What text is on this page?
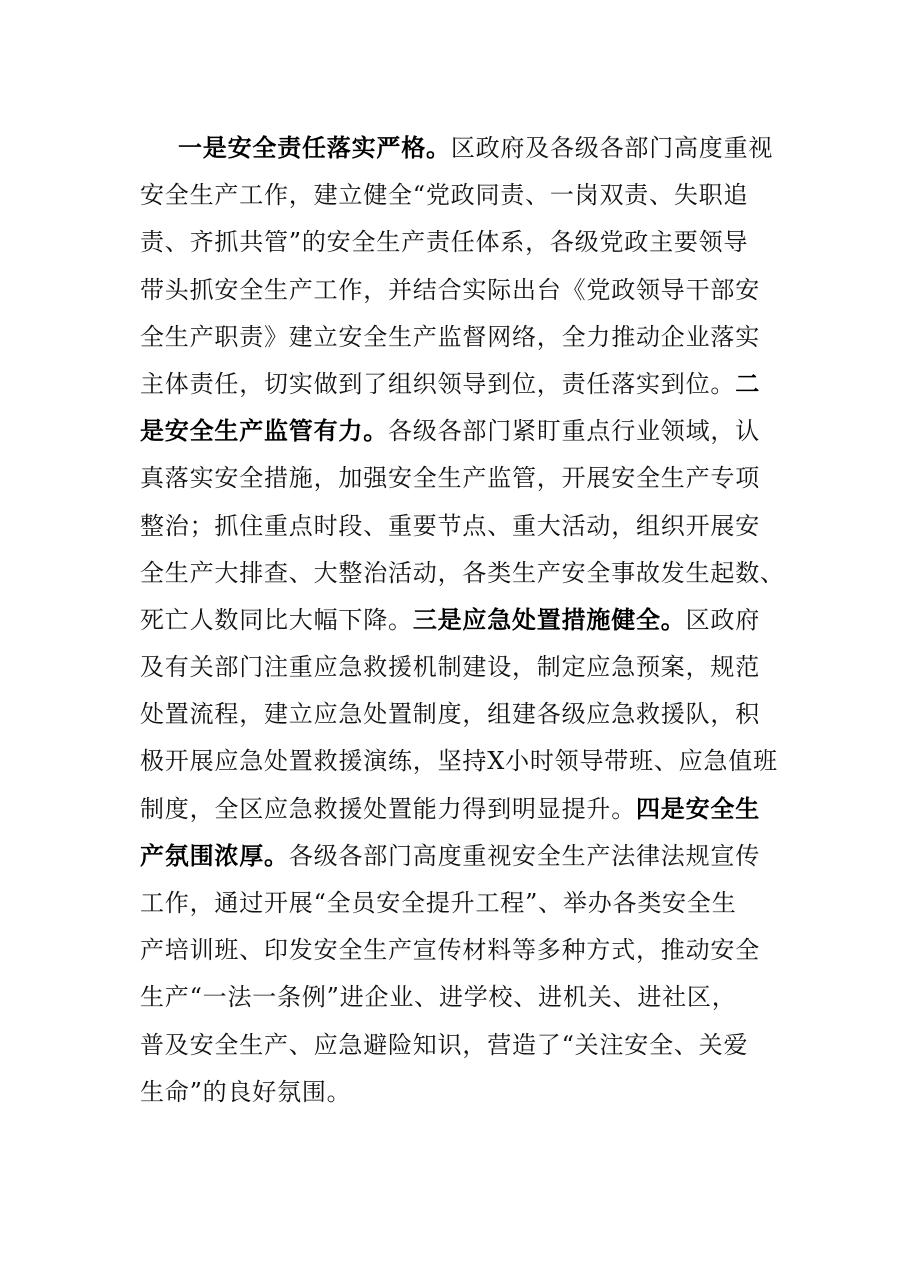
一是安全责任落实严格。区政府及各级各部门高度重视
安全生产工作，建立健全“党政同责、一岗双责、失职追
责、齐抓共管”的安全生产责任体系，各级党政主要领导
带头抓安全生产工作，并结合实际出台《党政领导干部安
全生产职责》建立安全生产监督网络，全力推动企业落实
主体责任，切实做到了组织领导到位，责任落实到位。二
是安全生产监管有力。各级各部门紧盯重点行业领域，认
真落实安全措施，加强安全生产监管，开展安全生产专项
整治；抓住重点时段、重要节点、重大活动，组织开展安
全生产大排查、大整治活动，各类生产安全事故发生起数、
死亡人数同比大幅下降。三是应急处置措施健全。区政府
及有关部门注重应急救援机制建设，制定应急预案，规范
处置流程，建立应急处置制度，组建各级应急救援队，积
极开展应急处置救援演练，坚持X小时领导带班、应急值班
制度，全区应急救援处置能力得到明显提升。四是安全生
产氛围浓厚。各级各部门高度重视安全生产法律法规宣传
工作，通过开展“全员安全提升工程”、举办各类安全生
产培训班、印发安全生产宣传材料等多种方式，推动安全
生产“一法一条例”进企业、进学校、进机关、进社区，
普及安全生产、应急避险知识，营造了“关注安全、关爱
生命”的良好氛围。
